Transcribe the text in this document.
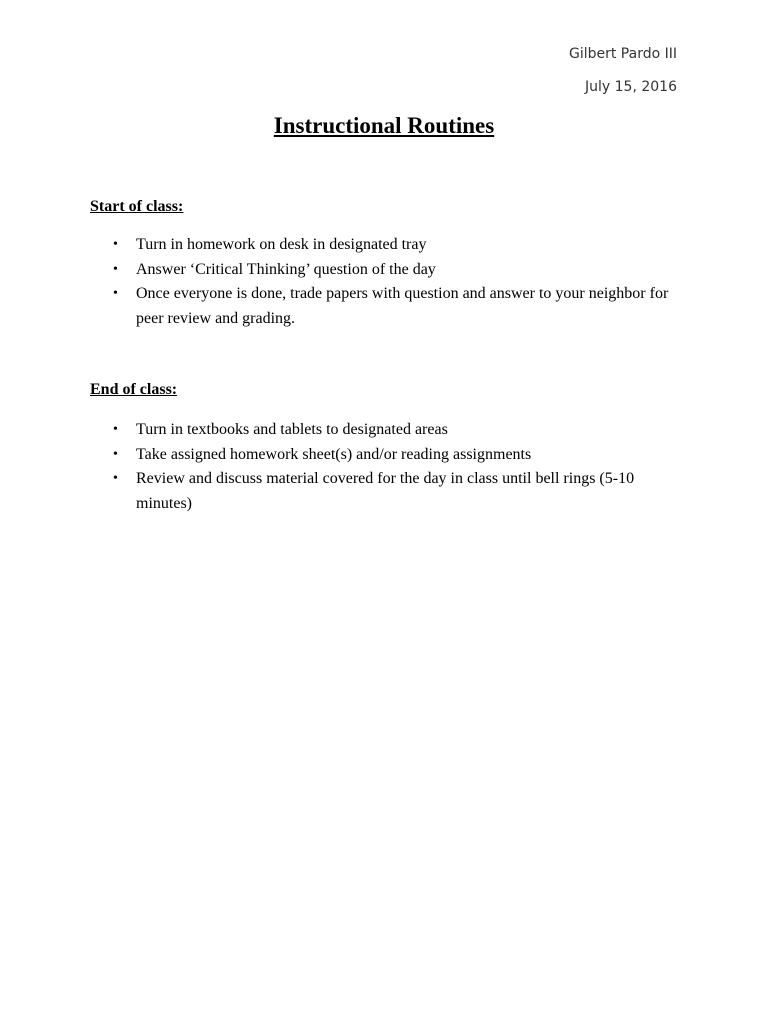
Gilbert Pardo III
July 15, 2016
Instructional Routines
Start of class:
• Turn in homework on desk in designated tray
• Answer ‘Critical Thinking’ question of the day
• Once everyone is done, trade papers with question and answer to your neighbor for peer review and grading.
End of class:
• Turn in textbooks and tablets to designated areas
• Take assigned homework sheet(s) and/or reading assignments
• Review and discuss material covered for the day in class until bell rings (5-10 minutes)
